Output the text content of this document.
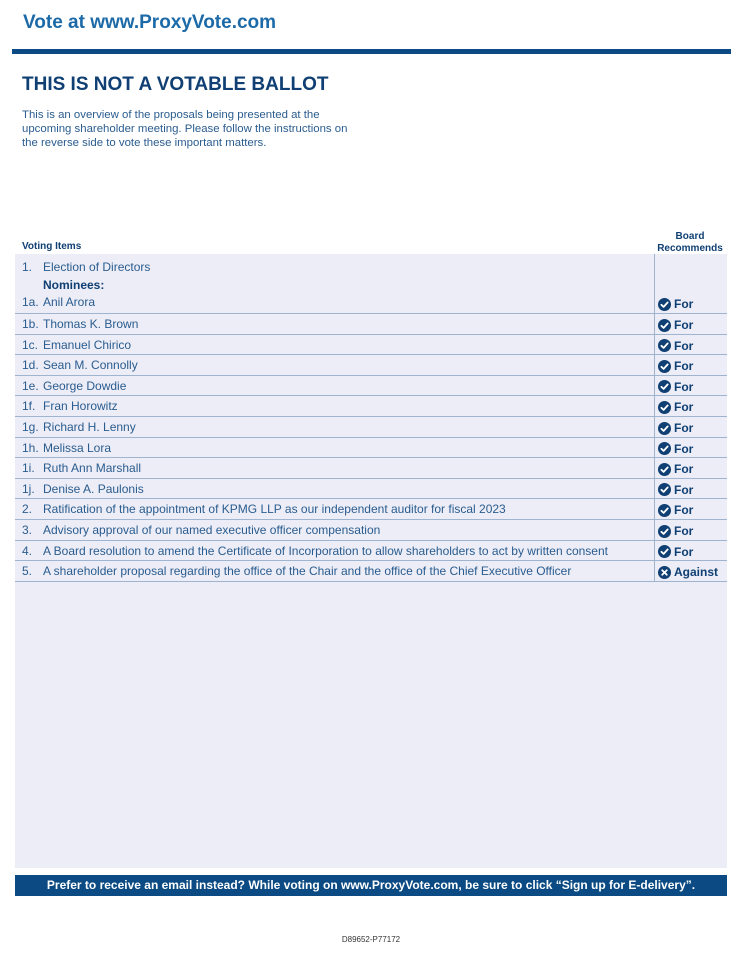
Vote at www.ProxyVote.com
THIS IS NOT A VOTABLE BALLOT
This is an overview of the proposals being presented at the
upcoming shareholder meeting. Please follow the instructions on
the reverse side to vote these important matters.
Voting Items
Board
Recommends
1. Election of Directors
Nominees:
1a. Anil Arora	For
1b. Thomas K. Brown	For
1c. Emanuel Chirico	For
1d. Sean M. Connolly	For
1e. George Dowdie	For
1f. Fran Horowitz	For
1g. Richard H. Lenny	For
1h. Melissa Lora	For
1i. Ruth Ann Marshall	For
1j. Denise A. Paulonis	For
2. Ratification of the appointment of KPMG LLP as our independent auditor for fiscal 2023	For
3. Advisory approval of our named executive officer compensation	For
4. A Board resolution to amend the Certificate of Incorporation to allow shareholders to act by written consent	For
5. A shareholder proposal regarding the office of the Chair and the office of the Chief Executive Officer	Against
Prefer to receive an email instead? While voting on www.ProxyVote.com, be sure to click “Sign up for E-delivery”.
D89652-P77172
